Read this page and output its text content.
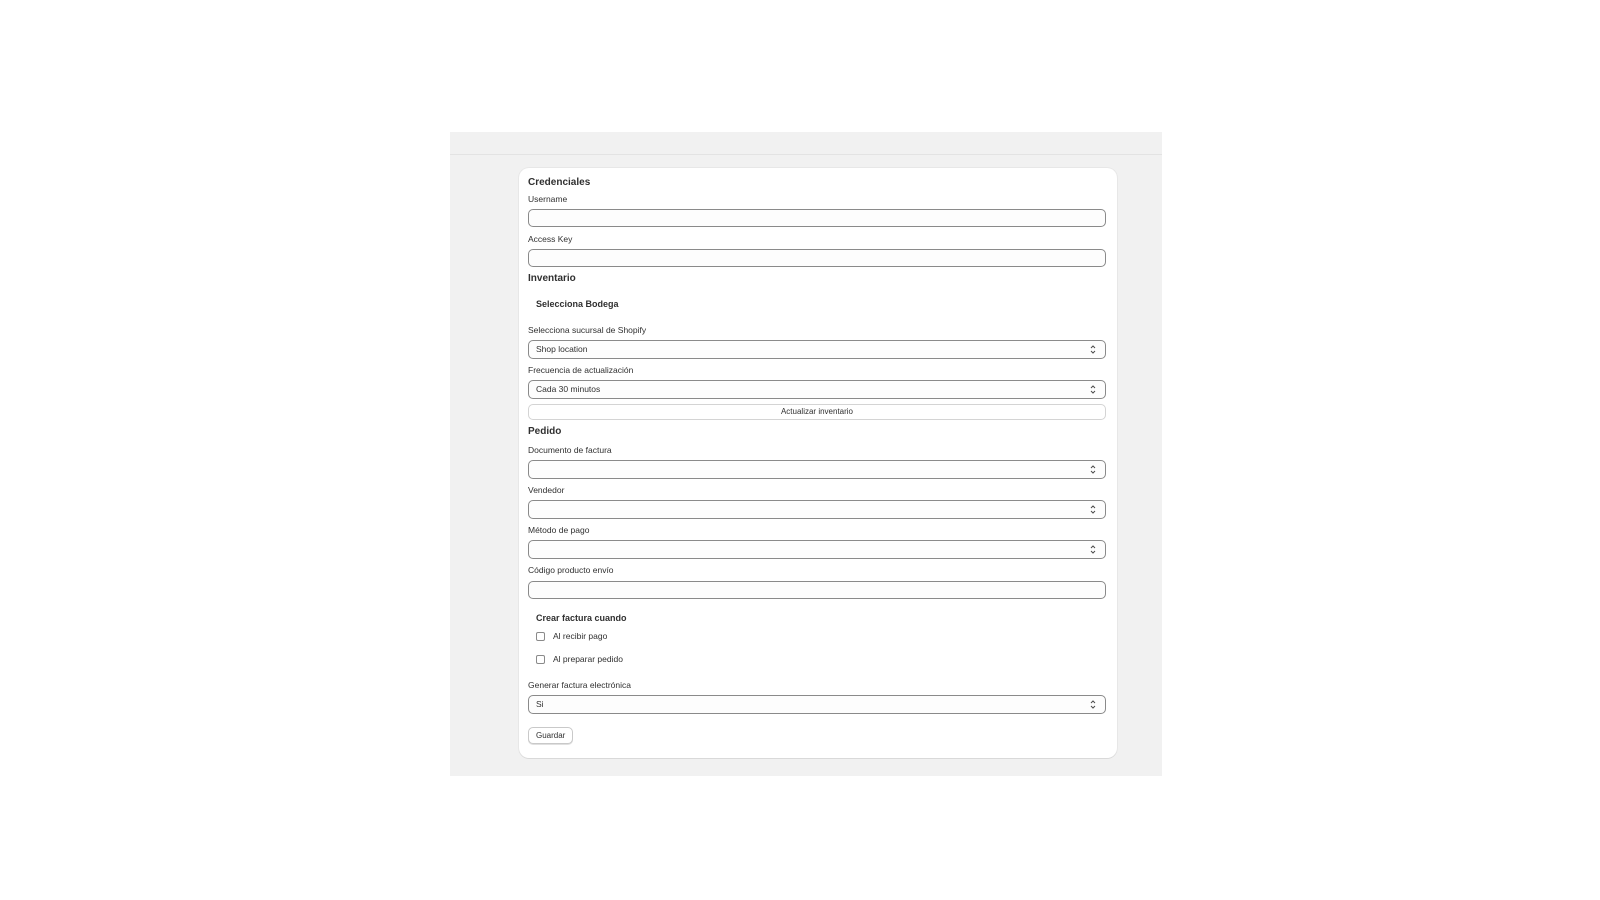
Credenciales
Username
Access Key
Inventario
Selecciona Bodega
Selecciona sucursal de Shopify
Shop location
Frecuencia de actualización
Cada 30 minutos
Actualizar inventario
Pedido
Documento de factura
Vendedor
Método de pago
Código producto envío
Crear factura cuando
Al recibir pago
Al preparar pedido
Generar factura electrónica
Si
Guardar
